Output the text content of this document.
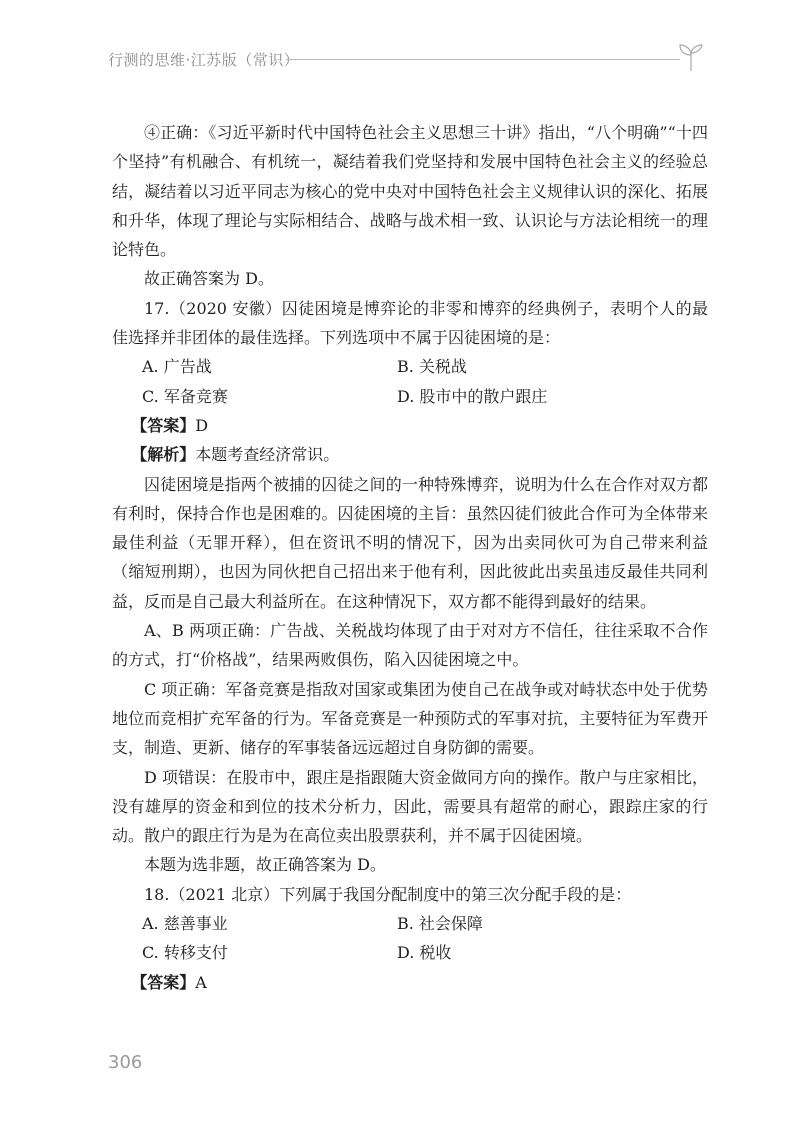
行测的思维·江苏版（常识）

④正确：《习近平新时代中国特色社会主义思想三十讲》指出，“八个明确”“十四个坚持”有机融合、有机统一，凝结着我们党坚持和发展中国特色社会主义的经验总结，凝结着以习近平同志为核心的党中央对中国特色社会主义规律认识的深化、拓展和升华，体现了理论与实际相结合、战略与战术相一致、认识论与方法论相统一的理论特色。

故正确答案为 D。

17.（2020 安徽）囚徒困境是博弈论的非零和博弈的经典例子，表明个人的最佳选择并非团体的最佳选择。下列选项中不属于囚徒困境的是：

A. 广告战	B. 关税战
C. 军备竞赛	D. 股市中的散户跟庄

【答案】D

【解析】本题考查经济常识。

囚徒困境是指两个被捕的囚徒之间的一种特殊博弈，说明为什么在合作对双方都有利时，保持合作也是困难的。囚徒困境的主旨：虽然囚徒们彼此合作可为全体带来最佳利益（无罪开释），但在资讯不明的情况下，因为出卖同伙可为自己带来利益（缩短刑期），也因为同伙把自己招出来于他有利，因此彼此出卖虽违反最佳共同利益，反而是自己最大利益所在。在这种情况下，双方都不能得到最好的结果。

A、B 两项正确：广告战、关税战均体现了由于对对方不信任，往往采取不合作的方式，打“价格战”，结果两败俱伤，陷入囚徒困境之中。

C 项正确：军备竞赛是指敌对国家或集团为使自己在战争或对峙状态中处于优势地位而竞相扩充军备的行为。军备竞赛是一种预防式的军事对抗，主要特征为军费开支，制造、更新、储存的军事装备远远超过自身防御的需要。

D 项错误：在股市中，跟庄是指跟随大资金做同方向的操作。散户与庄家相比，没有雄厚的资金和到位的技术分析力，因此，需要具有超常的耐心，跟踪庄家的行动。散户的跟庄行为是为在高位卖出股票获利，并不属于囚徒困境。

本题为选非题，故正确答案为 D。

18.（2021 北京）下列属于我国分配制度中的第三次分配手段的是：

A. 慈善事业	B. 社会保障
C. 转移支付	D. 税收

【答案】A

306
